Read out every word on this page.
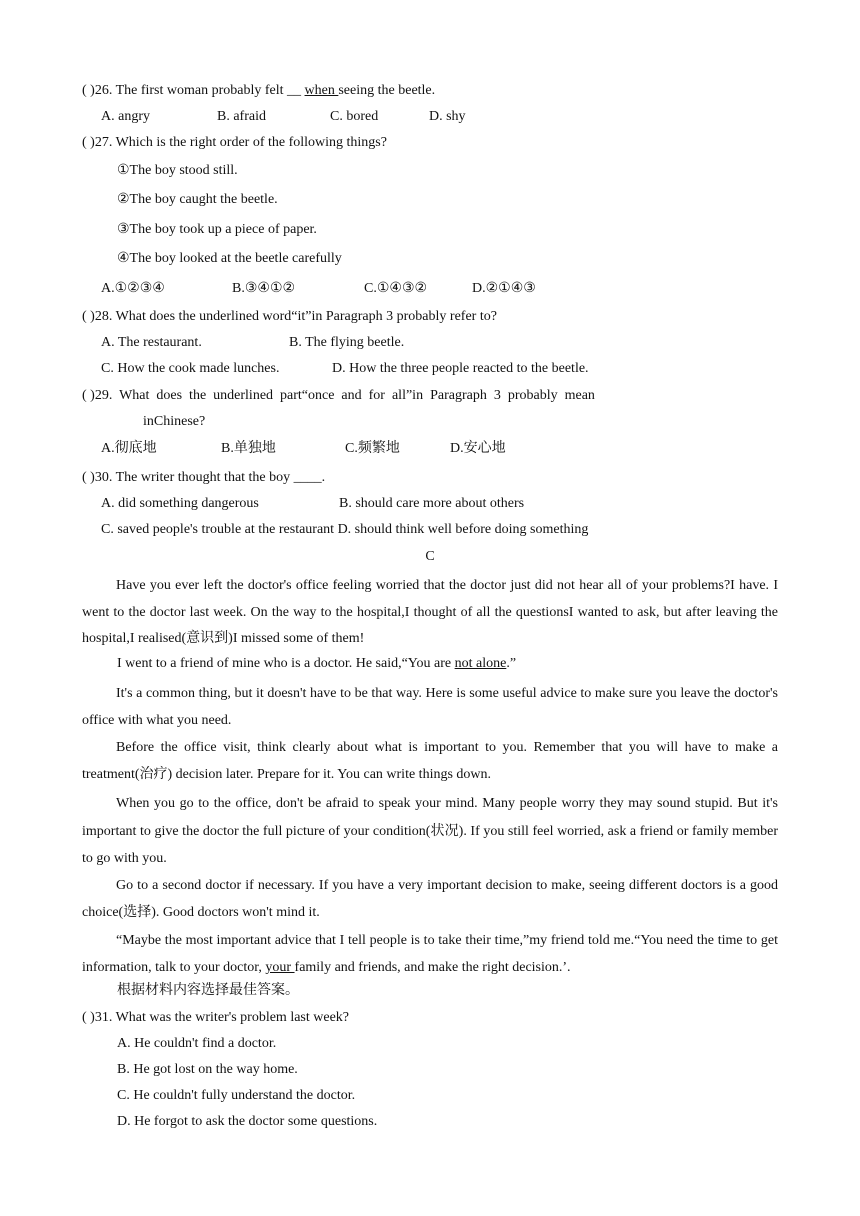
( )26. The first woman probably felt __ when seeing the beetle.
A. angry	B. afraid	C. bored	D. shy
( )27. Which is the right order of the following things?
①The boy stood still.
②The boy caught the beetle.
③The boy took up a piece of paper.
④The boy looked at the beetle carefully
A.①②③④	B.③④①②	C.①④③②	D.②①④③
( )28. What does the underlined word“it”in Paragraph 3 probably refer to?
A. The restaurant.	B. The flying beetle.
C. How the cook made lunches.	D. How the three people reacted to the beetle.
( )29.  What  does  the  underlined  part“once  and  for  all”in  Paragraph  3  probably  mean
inChinese?
A.彻底地	B.单独地	C.频繁地	D.安心地
( )30. The writer thought that the boy ____.
A. did something dangerous	B. should care more about others
C. saved people's trouble at the restaurant D. should think well before doing something
C
Have you ever left the doctor's office feeling worried that the doctor just did not hear all of your problems?I have. I went to the doctor last week. On the way to the hospital,I thought of all the questionsI wanted to ask, but after leaving the hospital,I realised(意识到)I missed some of them!
I went to a friend of mine who is a doctor. He said,“You are not alone.”
It's a common thing, but it doesn't have to be that way. Here is some useful advice to make sure you leave the doctor's office with what you need.
Before the office visit, think clearly about what is important to you. Remember that you will have to make a treatment(治疗) decision later. Prepare for it. You can write things down.
When you go to the office, don't be afraid to speak your mind. Many people worry they may sound stupid. But it's important to give the doctor the full picture of your condition(状况). If you still feel worried, ask a friend or family member to go with you.
Go to a second doctor if necessary. If you have a very important decision to make, seeing different doctors is a good choice(选择). Good doctors won't mind it.
“Maybe the most important advice that I tell people is to take their time,”my friend told me.“You need the time to get information, talk to your doctor, your family and friends, and make the right decision.’.
根据材料内容选择最佳答案。
( )31. What was the writer's problem last week?
A. He couldn't find a doctor.
B. He got lost on the way home.
C. He couldn't fully understand the doctor.
D. He forgot to ask the doctor some questions.
